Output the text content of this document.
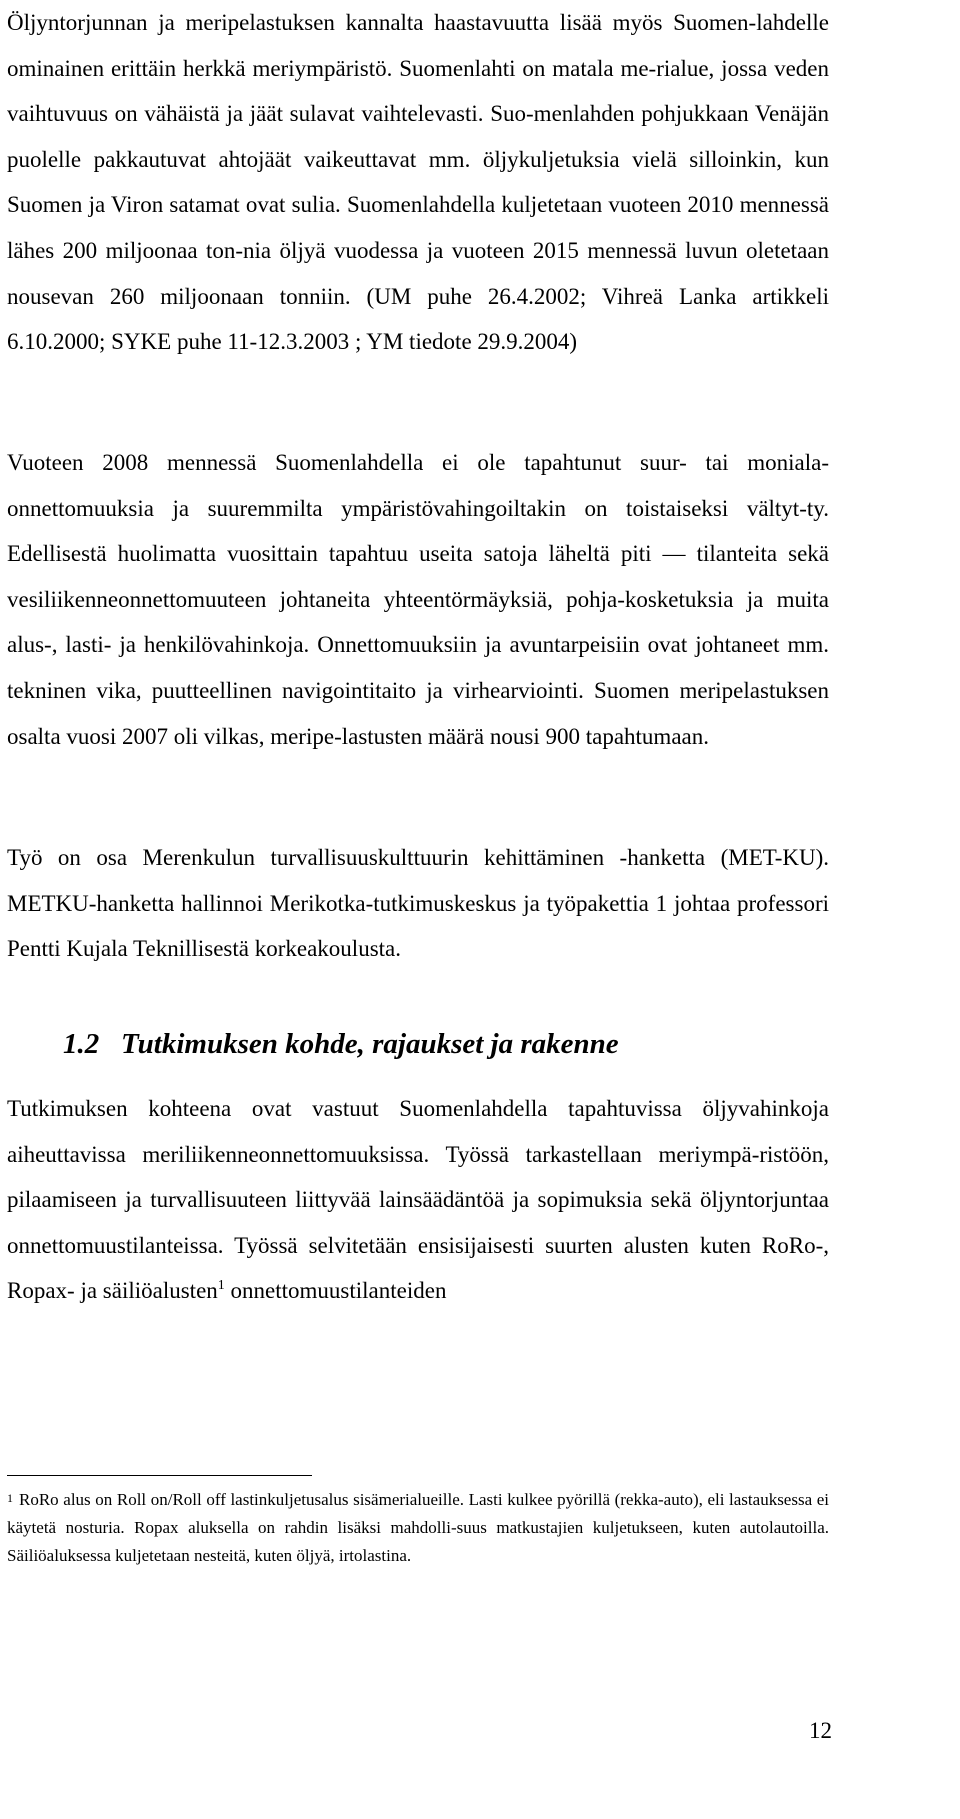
Öljyntorjunnan ja meripelastuksen kannalta haastavuutta lisää myös Suomen-lahdelle ominainen erittäin herkkä meriympäristö. Suomenlahti on matala me-rialue, jossa veden vaihtuvuus on vähäistä ja jäät sulavat vaihtelevasti. Suo-menlahden pohjukkaan Venäjän puolelle pakkautuvat ahtojäät vaikeuttavat mm. öljykuljetuksia vielä silloinkin, kun Suomen ja Viron satamat ovat sulia. Suomenlahdella kuljetetaan vuoteen 2010 mennessä lähes 200 miljoonaa ton-nia öljyä vuodessa ja vuoteen 2015 mennessä luvun oletetaan nousevan 260 miljoonaan tonniin. (UM puhe 26.4.2002; Vihreä Lanka artikkeli 6.10.2000; SYKE puhe 11-12.3.2003 ; YM tiedote 29.9.2004)
Vuoteen 2008 mennessä Suomenlahdella ei ole tapahtunut suur- tai moniala-onnettomuuksia ja suuremmilta ympäristövahingoiltakin on toistaiseksi vältyt-ty. Edellisestä huolimatta vuosittain tapahtuu useita satoja läheltä piti — tilanteita sekä vesiliikenneonnettomuuteen johtaneita yhteentörmäyksiä, pohja-kosketuksia ja muita alus-, lasti- ja henkilövahinkoja. Onnettomuuksiin ja avuntarpeisiin ovat johtaneet mm. tekninen vika, puutteellinen navigointitaito ja virhearviointi. Suomen meripelastuksen osalta vuosi 2007 oli vilkas, meripe-lastusten määrä nousi 900 tapahtumaan.
Työ on osa Merenkulun turvallisuuskulttuurin kehittäminen -hanketta (MET-KU). METKU-hanketta hallinnoi Merikotka-tutkimuskeskus ja työpakettia 1 johtaa professori Pentti Kujala Teknillisestä korkeakoulusta.
1.2 Tutkimuksen kohde, rajaukset ja rakenne
Tutkimuksen kohteena ovat vastuut Suomenlahdella tapahtuvissa öljyvahinkoja aiheuttavissa meriliikenneonnettomuuksissa. Työssä tarkastellaan meriympä-ristöön, pilaamiseen ja turvallisuuteen liittyvää lainsäädäntöä ja sopimuksia sekä öljyntorjuntaa onnettomuustilanteissa. Työssä selvitetään ensisijaisesti suurten alusten kuten RoRo-, Ropax- ja säiliöalusten$^1$ onnettomuustilanteiden
$^1$ RoRo alus on Roll on/Roll off lastinkuljetusalus sisämerialueille. Lasti kulkee pyörillä (rekka-auto), eli lastauksessa ei käytetä nosturia. Ropax aluksella on rahdin lisäksi mahdolli-suus matkustajien kuljetukseen, kuten autolautoilla. Säiliöaluksessa kuljetetaan nesteitä, kuten öljyä, irtolastina.
12
